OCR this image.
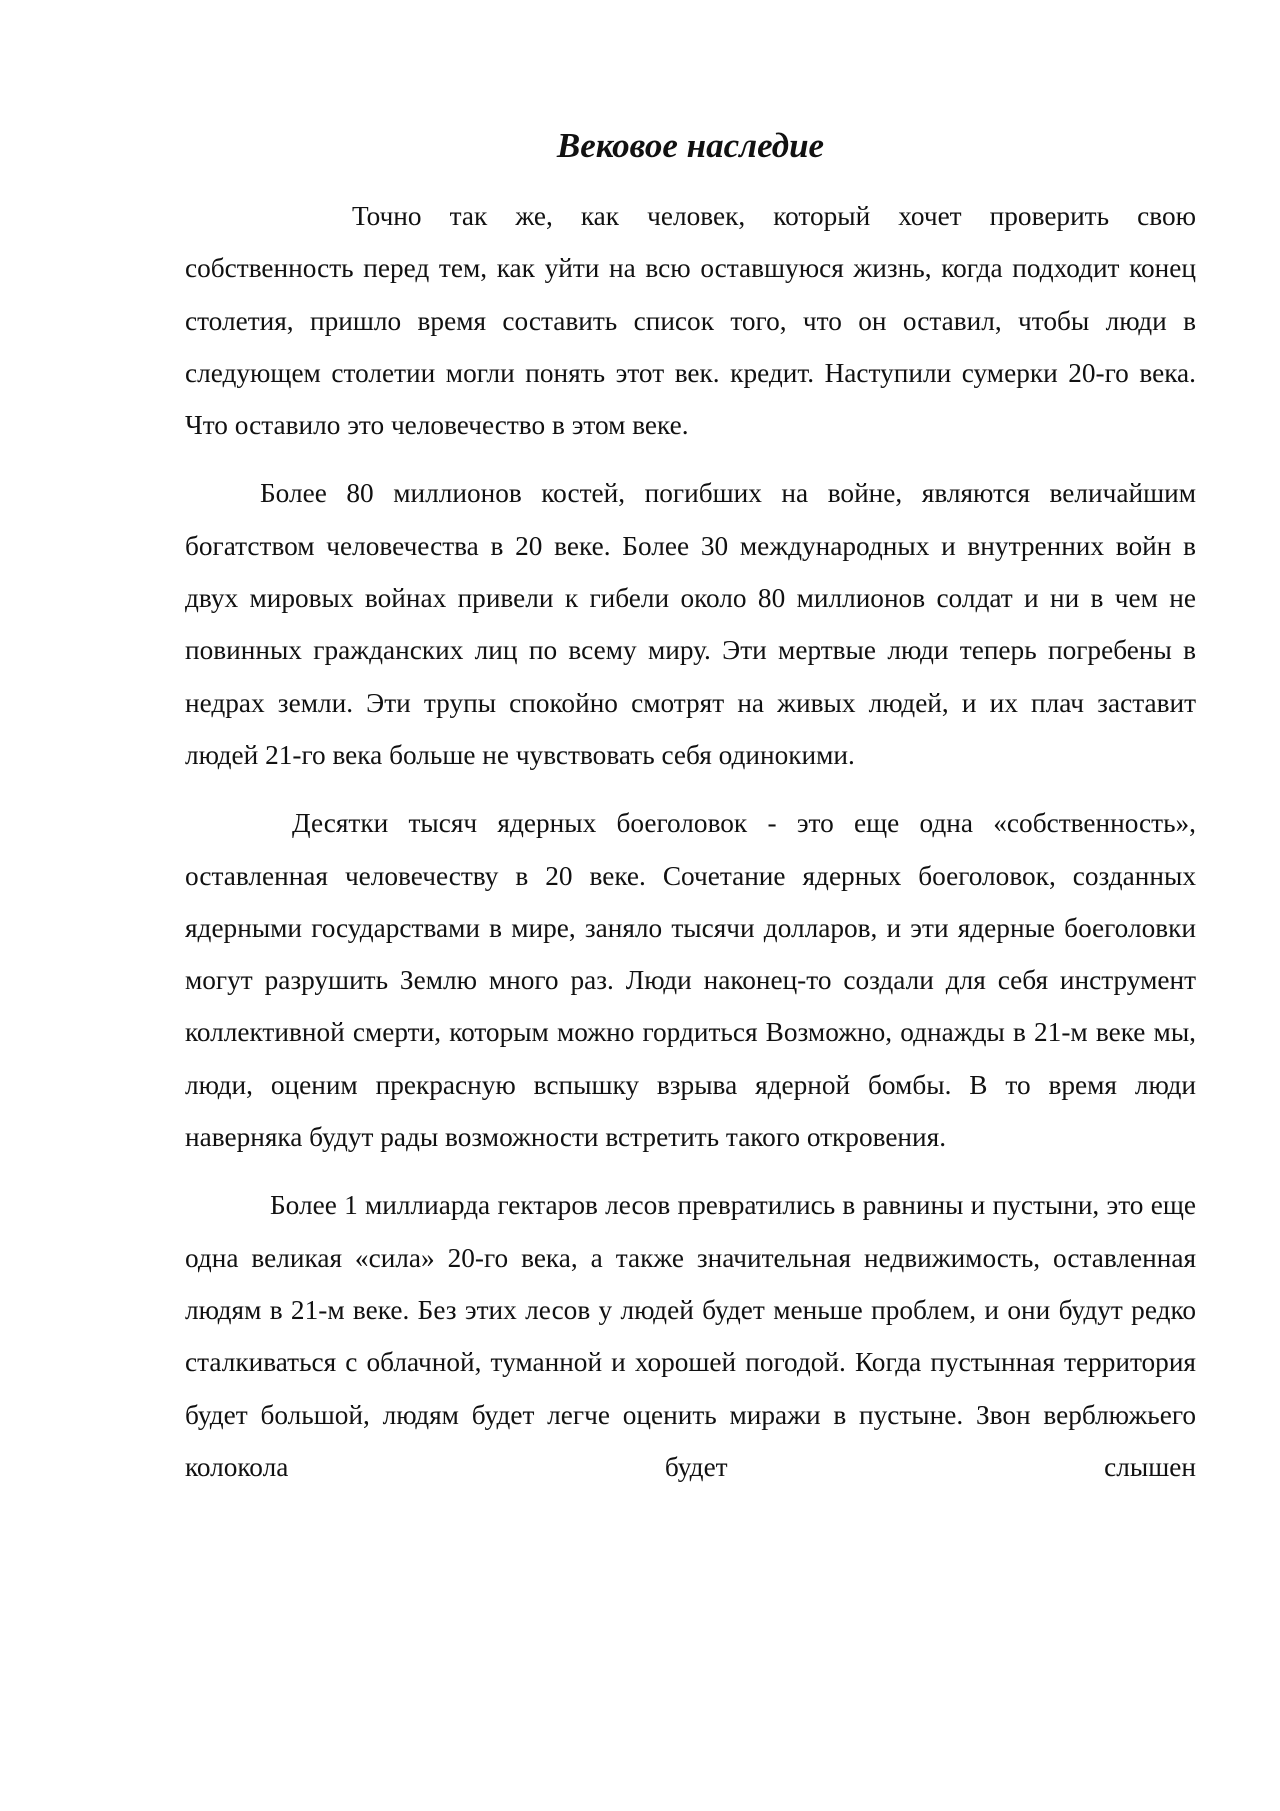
Вековое наследие

Точно так же, как человек, который хочет проверить свою собственность перед тем, как уйти на всю оставшуюся жизнь, когда подходит конец столетия, пришло время составить список того, что он оставил, чтобы люди в следующем столетии могли понять этот век. кредит. Наступили сумерки 20-го века. Что оставило это человечество в этом веке.

Более 80 миллионов костей, погибших на войне, являются величайшим богатством человечества в 20 веке. Более 30 международных и внутренних войн в двух мировых войнах привели к гибели около 80 миллионов солдат и ни в чем не повинных гражданских лиц по всему миру. Эти мертвые люди теперь погребены в недрах земли. Эти трупы спокойно смотрят на живых людей, и их плач заставит людей 21-го века больше не чувствовать себя одинокими.

Десятки тысяч ядерных боеголовок - это еще одна «собственность», оставленная человечеству в 20 веке. Сочетание ядерных боеголовок, созданных ядерными государствами в мире, заняло тысячи долларов, и эти ядерные боеголовки могут разрушить Землю много раз. Люди наконец-то создали для себя инструмент коллективной смерти, которым можно гордиться Возможно, однажды в 21-м веке мы, люди, оценим прекрасную вспышку взрыва ядерной бомбы. В то время люди наверняка будут рады возможности встретить такого откровения.

Более 1 миллиарда гектаров лесов превратились в равнины и пустыни, это еще одна великая «сила» 20-го века, а также значительная недвижимость, оставленная людям в 21-м веке. Без этих лесов у людей будет меньше проблем, и они будут редко сталкиваться с облачной, туманной и хорошей погодой. Когда пустынная территория будет большой, людям будет легче оценить миражи в пустыне. Звон верблюжьего колокола будет слышен
